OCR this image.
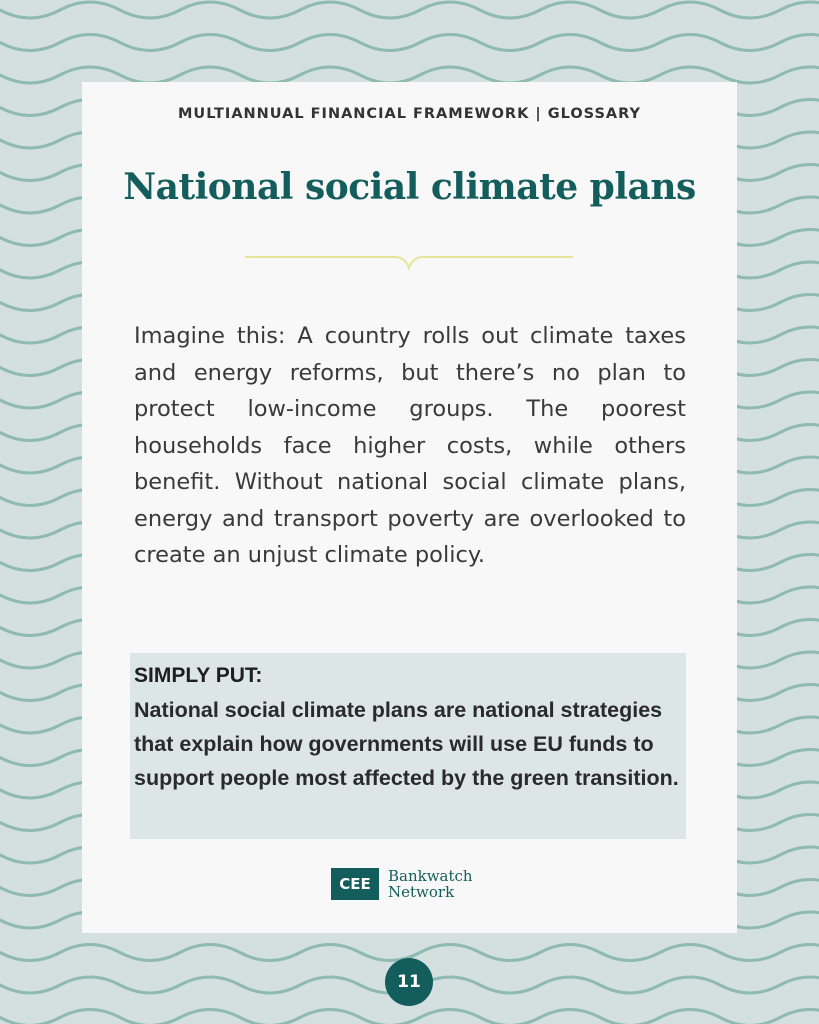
MULTIANNUAL FINANCIAL FRAMEWORK | GLOSSARY
National social climate plans
Imagine this: A country rolls out climate taxes and energy reforms, but there’s no plan to protect low-income groups. The poorest households face higher costs, while others benefit. Without national social climate plans, energy and transport poverty are overlooked to create an unjust climate policy.
SIMPLY PUT:
National social climate plans are national strategies that explain how governments will use EU funds to support people most affected by the green transition.
CEE	Bankwatch
Network
11
